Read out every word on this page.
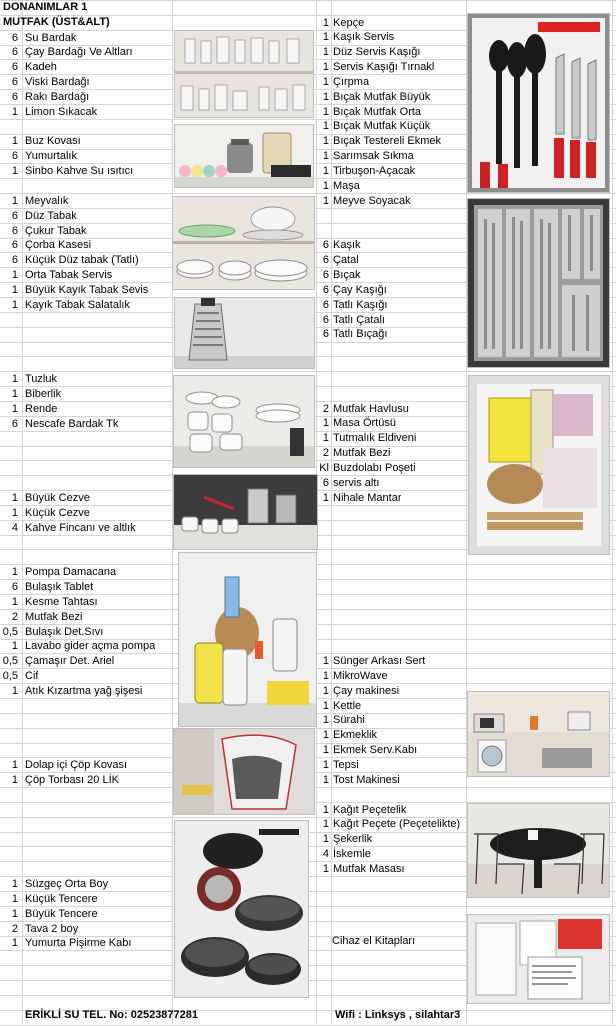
DONANIMLAR 1
MUTFAK (ÜST&ALT)
6 Su Bardak
6 Çay Bardağı Ve Altları
6 Kadeh
6 Viski Bardağı
6 Rakı Bardağı
1 Limon Sıkacak
1 Buz Kovası
6 Yumurtalık
1 Sinbo Kahve Su ısıtıcı
1 Meyvalık
6 Düz Tabak
6 Çukur Tabak
6 Çorba Kasesi
6 Küçük Düz tabak (Tatlı)
1 Orta Tabak Servis
1 Büyük Kayık Tabak Sevis
1 Kayık Tabak Salatalık
1 Tuzluk
1 Biberlik
1 Rende
6 Nescafe Bardak Tk
1 Büyük Cezve
1 Küçük Cezve
4 Kahve Fincanı ve altlık
1 Pompa Damacana
6 Bulaşık Tablet
1 Kesme Tahtası
2 Mutfak Bezi
0,5 Bulaşık Det.Sıvı
1 Lavabo gider açma pompa
0,5 Çamaşır Det. Ariel
0,5 Cif
1 Atık Kızartma yağ şişesi
1 Dolap içi Çöp Kovası
1 Çöp Torbası 20 LİK
1 Süzgeç Orta Boy
1 Küçük Tencere
1 Büyük Tencere
2 Tava 2 boy
1 Yumurta Pişirme Kabı
1 Kepçe
1 Kaşık Servis
1 Düz Servis Kaşığı
1 Servis Kaşığı Tırnakl
1 Çırpma
1 Bıçak Mutfak Büyük
1 Bıçak Mutfak Orta
1 Bıçak Mutfak Küçük
1 Bıçak Testereli Ekmek
1 Sarımsak Sıkma
1 Tirbuşon-Açacak
1 Maşa
1 Meyve Soyacak
6 Kaşık
6 Çatal
6 Bıçak
6 Çay Kaşığı
6 Tatlı Kaşığı
6 Tatlı Çatalı
6 Tatlı Bıçağı
2 Mutfak Havlusu
1 Masa Örtüsü
1 Tutmalık Eldiveni
2 Mutfak Bezi
Kl Buzdolabı Poşeti
6 servis altı
1 Nihale Mantar
1 Sünger Arkası Sert
1 MikroWave
1 Çay makinesi
1 Kettle
1 Sürahi
1 Ekmeklik
1 Ekmek Serv.Kabı
1 Tepsi
1 Tost Makinesi
1 Kağıt Peçetelik
1 Kağıt Peçete (Peçetelikte)
1 Şekerlik
4 İskemle
1 Mutfak Masası
Cihaz el Kitapları
ERİKLİ SU TEL. No: 02523877281	Wifi : Linksys , silahtar3
